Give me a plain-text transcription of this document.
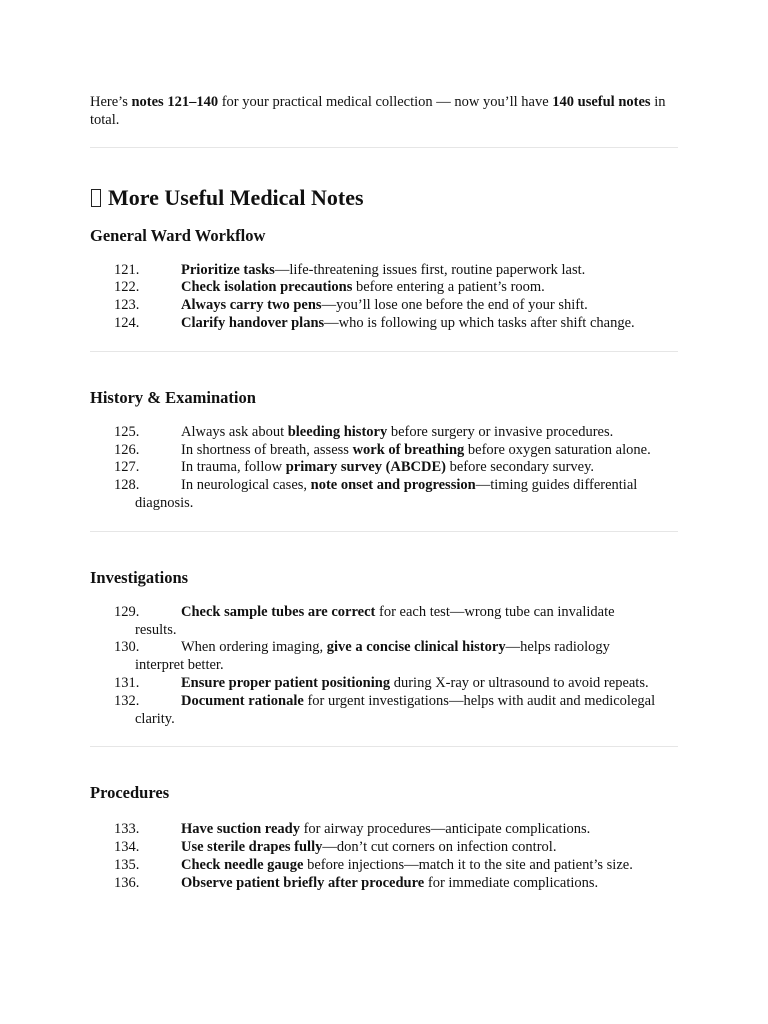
Here’s notes 121–140 for your practical medical collection — now you’ll have 140 useful notes in total.

More Useful Medical Notes
General Ward Workflow
121.	Prioritize tasks—life-threatening issues first, routine paperwork last.
122.	Check isolation precautions before entering a patient’s room.
123.	Always carry two pens—you’ll lose one before the end of your shift.
124.	Clarify handover plans—who is following up which tasks after shift change.
History & Examination
125.	Always ask about bleeding history before surgery or invasive procedures.
126.	In shortness of breath, assess work of breathing before oxygen saturation alone.
127.	In trauma, follow primary survey (ABCDE) before secondary survey.
128.	In neurological cases, note onset and progression—timing guides differential
diagnosis.
Investigations
129.	Check sample tubes are correct for each test—wrong tube can invalidate
results.
130.	When ordering imaging, give a concise clinical history—helps radiology
interpret better.
131.	Ensure proper patient positioning during X-ray or ultrasound to avoid repeats.
132.	Document rationale for urgent investigations—helps with audit and medicolegal
clarity.
Procedures
133.	Have suction ready for airway procedures—anticipate complications.
134.	Use sterile drapes fully—don’t cut corners on infection control.
135.	Check needle gauge before injections—match it to the site and patient’s size.
136.	Observe patient briefly after procedure for immediate complications.
